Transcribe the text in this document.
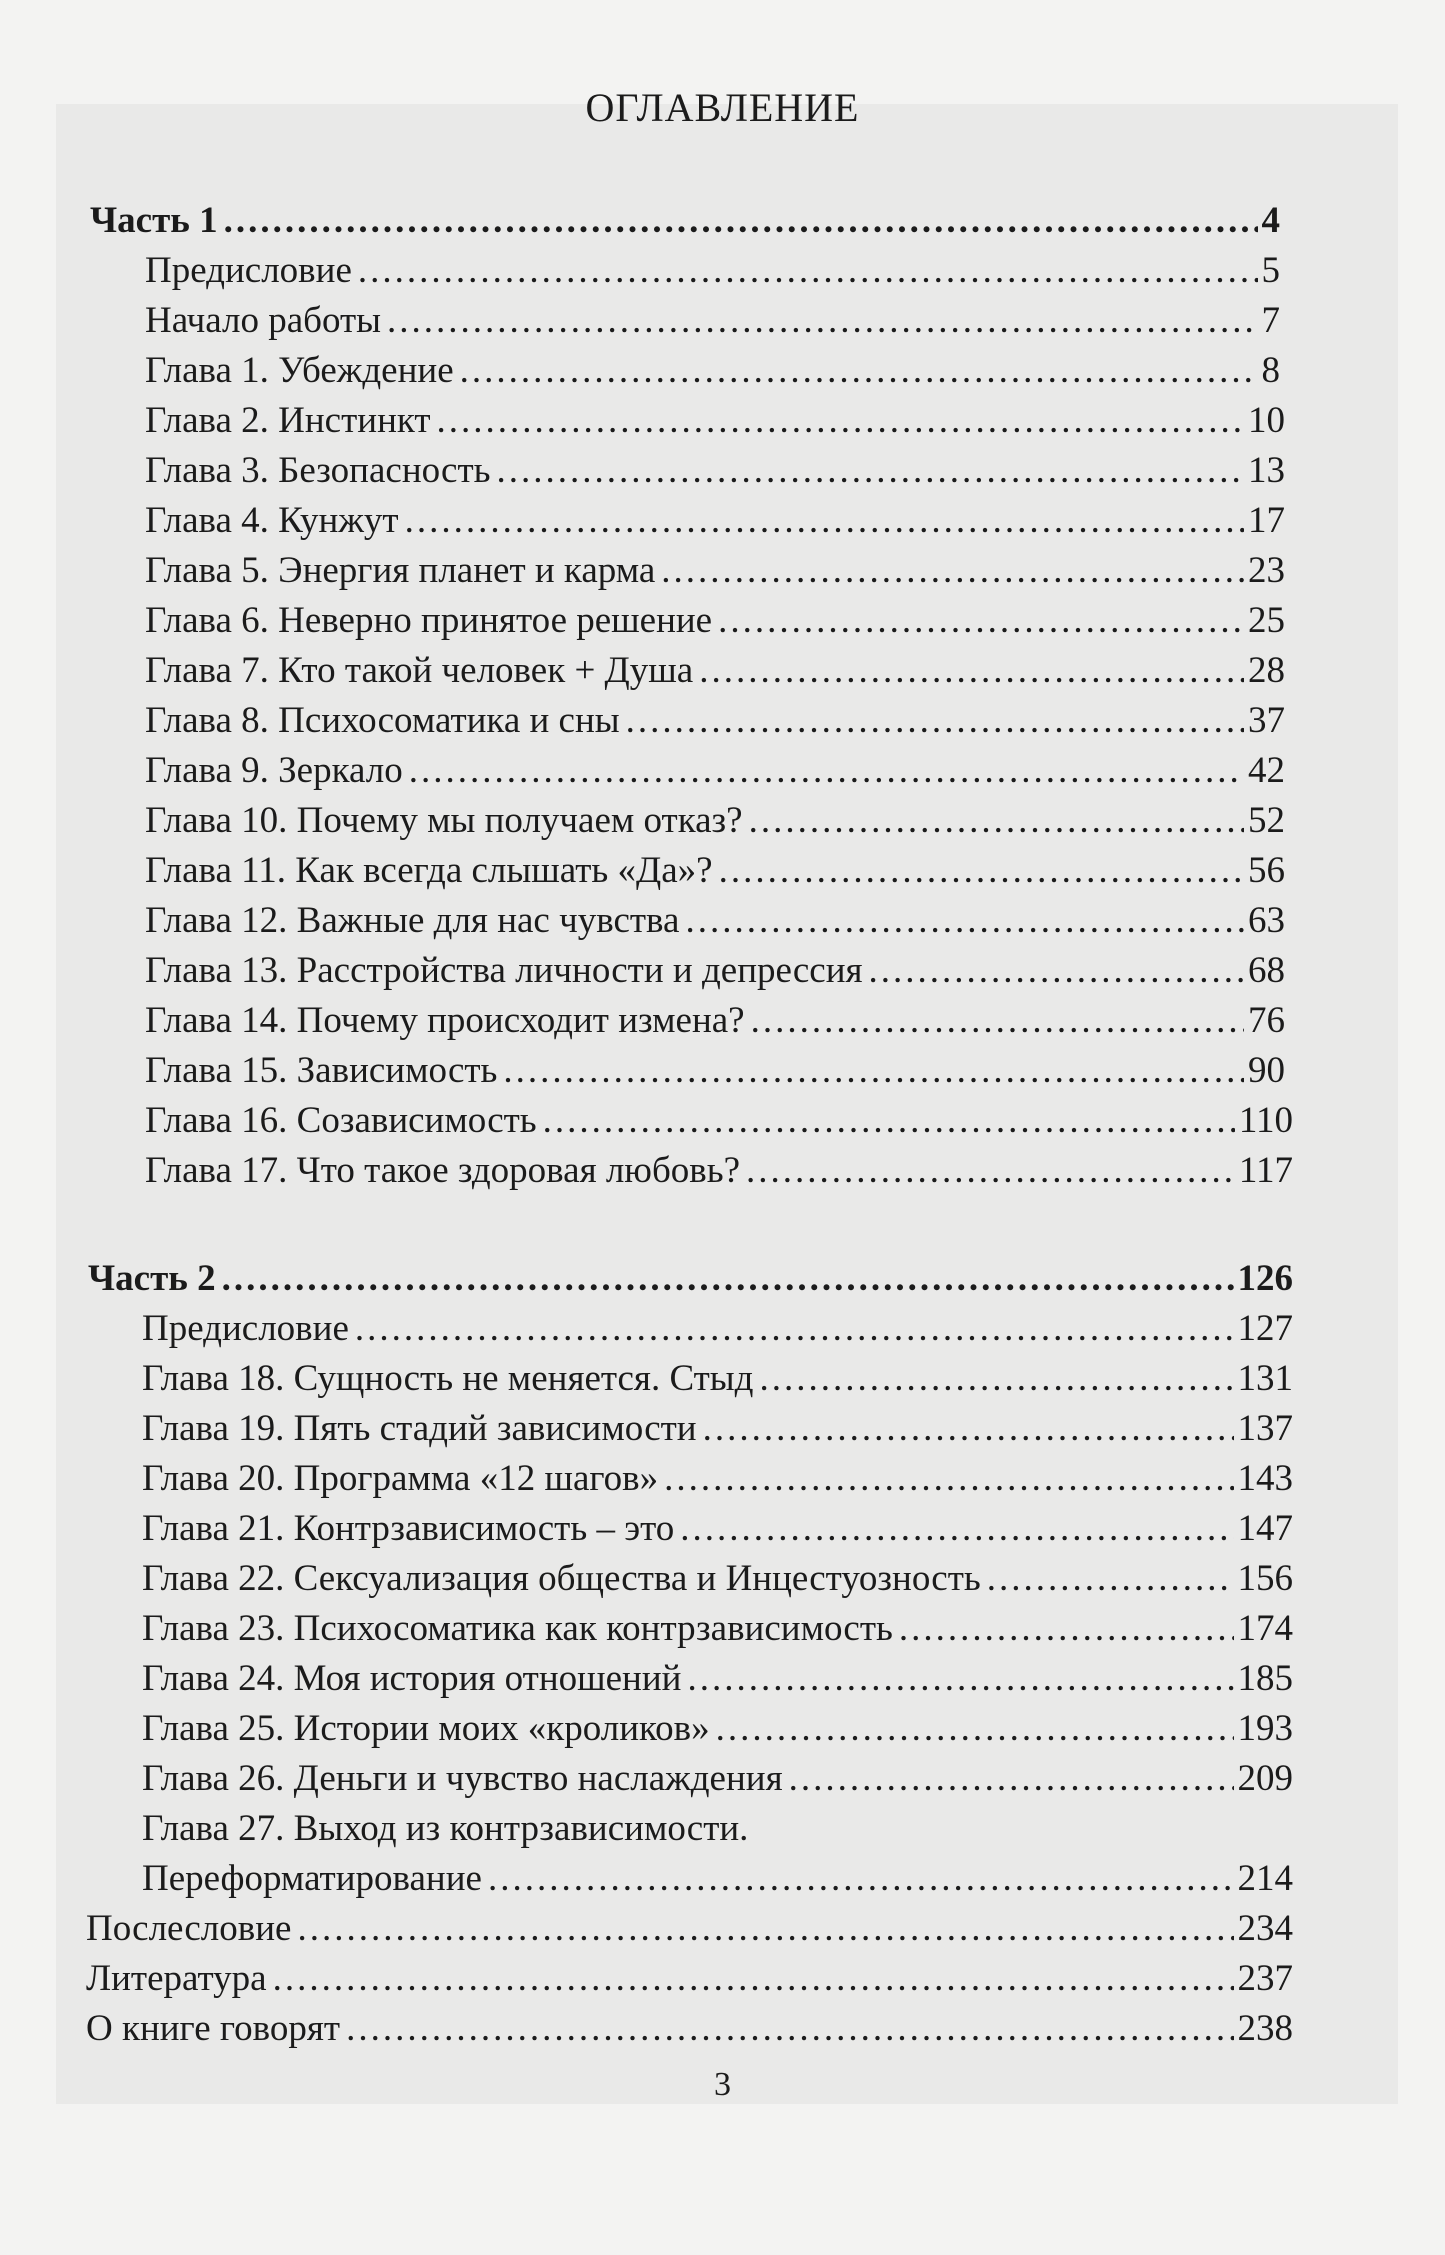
ОГЛАВЛЕНИЕ
Часть 1 .....	4
Предисловие .....	5
Начало работы .....	7
Глава 1. Убеждение .....	8
Глава 2. Инстинкт .....	10
Глава 3. Безопасность .....	13
Глава 4. Кунжут .....	17
Глава 5. Энергия планет и карма .....	23
Глава 6. Неверно принятое решение .....	25
Глава 7. Кто такой человек + Душа .....	28
Глава 8. Психосоматика и сны .....	37
Глава 9. Зеркало .....	42
Глава 10. Почему мы получаем отказ? .....	52
Глава 11. Как всегда слышать «Да»? .....	56
Глава 12. Важные для нас чувства .....	63
Глава 13. Расстройства личности и депрессия .....	68
Глава 14. Почему происходит измена? .....	76
Глава 15. Зависимость .....	90
Глава 16. Созависимость .....	110
Глава 17. Что такое здоровая любовь? .....	117
Часть 2 .....	126
Предисловие .....	127
Глава 18. Сущность не меняется. Стыд .....	131
Глава 19. Пять стадий зависимости .....	137
Глава 20. Программа «12 шагов» .....	143
Глава 21. Контрзависимость – это .....	147
Глава 22. Сексуализация общества и Инцестуозность .....	156
Глава 23. Психосоматика как контрзависимость .....	174
Глава 24. Моя история отношений .....	185
Глава 25. Истории моих «кроликов» .....	193
Глава 26. Деньги и чувство наслаждения .....	209
Глава 27. Выход из контрзависимости.
Переформатирование .....	214
Послесловие .....	234
Литература .....	237
О книге говорят .....	238
3
